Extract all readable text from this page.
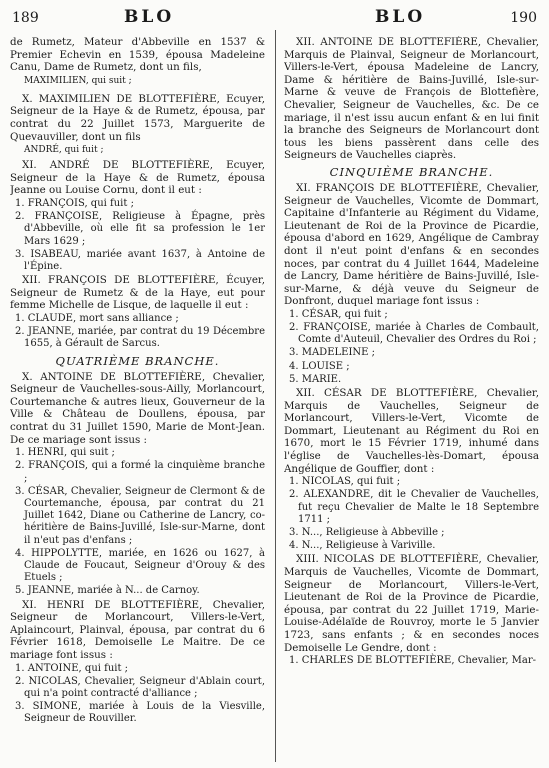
189	BLO	BLO	190
de Rumetz, Mateur d'Abbeville en 1537 & Premier Echevin en 1539, épousa Madeleine Canu, Dame de Rumetz, dont un fils,
MAXIMILIEN, qui suit ;
X. MAXIMILIEN DE BLOTTEFIÈRE, Ecuyer, Seigneur de la Haye & de Rumetz, épousa, par contrat du 22 Juillet 1573, Marguerite de Quevauviller, dont un fils
ANDRÉ, qui fuit ;
XI. ANDRÉ DE BLOTTEFIÈRE, Ecuyer, Seigneur de la Haye & de Rumetz, épousa Jeanne ou Louise Cornu, dont il eut :
1. FRANÇOIS, qui fuit ;
2. FRANÇOISE, Religieuse à Épagne, près d'Abbeville, où elle fit sa profession le 1er Mars 1629 ;
3. ISABEAU, mariée avant 1637, à Antoine de l'Épine.
XII. FRANÇOIS DE BLOTTEFIÈRE, Écuyer, Seigneur de Rumetz & de la Haye, eut pour femme Michelle de Lisque, de laquelle il eut :
1. CLAUDE, mort sans alliance ;
2. JEANNE, mariée, par contrat du 19 Décembre 1655, à Gérault de Sarcus.
QUATRIÈME BRANCHE.
X. ANTOINE DE BLOTTEFIÈRE, Chevalier, Seigneur de Vauchelles-sous-Ailly, Morlancourt, Courtemanche & autres lieux, Gouverneur de la Ville & Château de Doullens, épousa, par contrat du 31 Juillet 1590, Marie de Mont-Jean. De ce mariage sont issus :
1. HENRI, qui suit ;
2. FRANÇOIS, qui a formé la cinquième branche ;
3. CÉSAR, Chevalier, Seigneur de Clermont & de Courtemanche, épousa, par contrat du 21 Juillet 1642, Diane ou Catherine de Lancry, co-héritière de Bains-Juvillé, Isle-sur-Marne, dont il n'eut pas d'enfans ;
4. HIPPOLYTTE, mariée, en 1626 ou 1627, à Claude de Foucaut, Seigneur d'Orouy & des Etuels ;
5. JEANNE, mariée à N... de Carnoy.
XI. HENRI DE BLOTTEFIÈRE, Chevalier, Seigneur de Morlancourt, Villers-le-Vert, Aplaincourt, Plainval, épousa, par contrat du 6 Février 1618, Demoiselle Le Maitre. De ce mariage font issus :
1. ANTOINE, qui fuit ;
2. NICOLAS, Chevalier, Seigneur d'Ablain court, qui n'a point contracté d'alliance ;
3. SIMONE, mariée à Louis de la Viesville, Seigneur de Rouviller.
XII. ANTOINE DE BLOTTEFIÈRE, Chevalier, Marquis de Plainval, Seigneur de Morlancourt, Villers-le-Vert, épousa Madeleine de Lancry, Dame & héritière de Bains-Juvillé, Isle-sur-Marne & veuve de François de Blottefière, Chevalier, Seigneur de Vauchelles, &c. De ce mariage, il n'est issu aucun enfant & en lui finit la branche des Seigneurs de Morlancourt dont tous les biens passèrent dans celle des Seigneurs de Vauchelles ciaprès.
CINQUIÈME BRANCHE.
XI. FRANÇOIS DE BLOTTEFIÈRE, Chevalier, Seigneur de Vauchelles, Vicomte de Dommart, Capitaine d'Infanterie au Régiment du Vidame, Lieutenant de Roi de la Province de Picardie, épousa d'abord en 1629, Angélique de Cambray dont il n'eut point d'enfans & en secondes noces, par contrat du 4 Juillet 1644, Madeleine de Lancry, Dame héritière de Bains-Juvillé, Isle-sur-Marne, & déjà veuve du Seigneur de Donfront, duquel mariage font issus :
1. CÉSAR, qui fuit ;
2. FRANÇOISE, mariée à Charles de Combault, Comte d'Auteuil, Chevalier des Ordres du Roi ;
3. MADELEINE ;
4. LOUISE ;
5. MARIE.
XII. CÉSAR DE BLOTTEFIÈRE, Chevalier, Marquis de Vauchelles, Seigneur de Morlancourt, Villers-le-Vert, Vicomte de Dommart, Lieutenant au Régiment du Roi en 1670, mort le 15 Février 1719, inhumé dans l'église de Vauchelles-lès-Domart, épousa Angélique de Gouffier, dont :
1. NICOLAS, qui fuit ;
2. ALEXANDRE, dit le Chevalier de Vauchelles, fut reçu Chevalier de Malte le 18 Septembre 1711 ;
3. N..., Religieuse à Abbeville ;
4. N..., Religieuse à Variville.
XIII. NICOLAS DE BLOTTEFIÈRE, Chevalier, Marquis de Vauchelles, Vicomte de Dommart, Seigneur de Morlancourt, Villers-le-Vert, Lieutenant de Roi de la Province de Picardie, épousa, par contrat du 22 Juillet 1719, Marie-Louise-Adélaïde de Rouvroy, morte le 5 Janvier 1723, sans enfants ; & en secondes noces Demoiselle Le Gendre, dont :
1. CHARLES DE BLOTTEFIÈRE, Chevalier, Mar-
